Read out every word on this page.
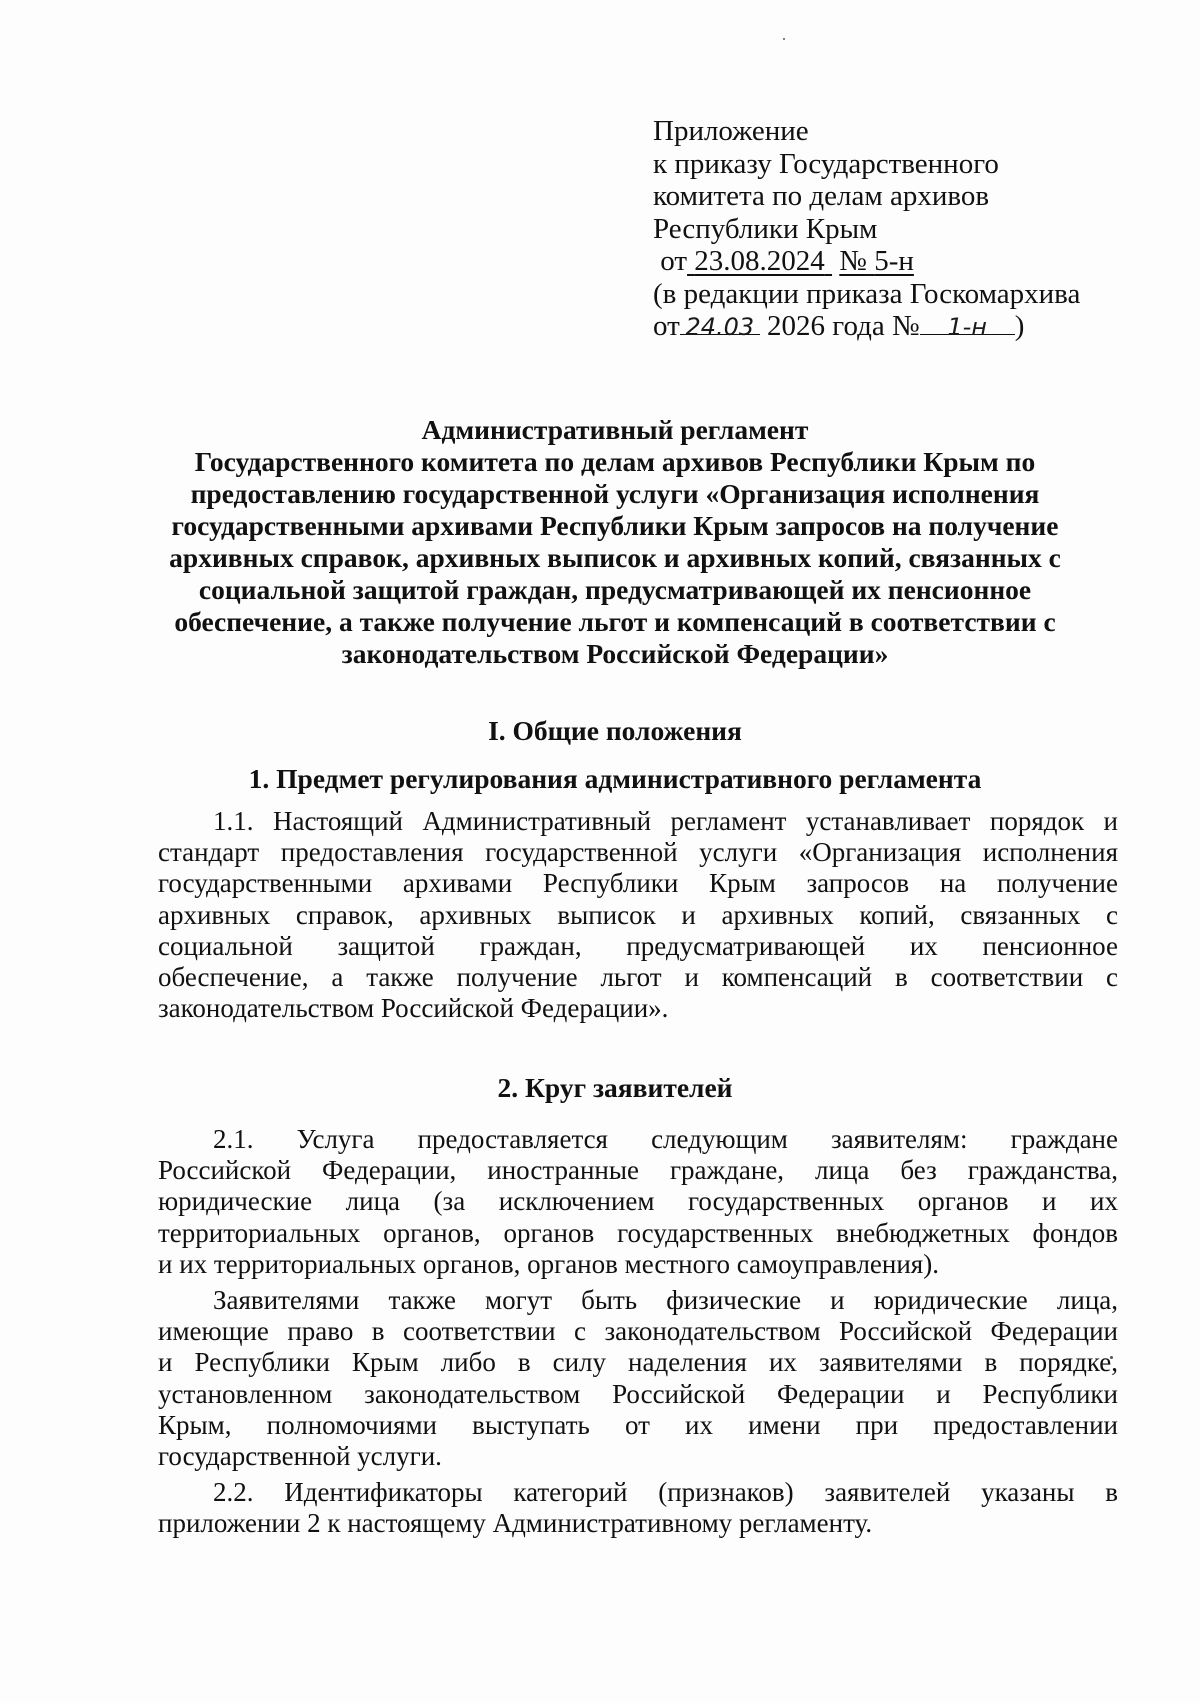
Приложение
к приказу Государственного
комитета по делам архивов
Республики Крым
от 23.08.2024 № 5-н
(в редакции приказа Госкомархива
от 24.03 2026 года № 1-н )
Административный регламент
Государственного комитета по делам архивов Республики Крым по
предоставлению государственной услуги «Организация исполнения
государственными архивами Республики Крым запросов на получение
архивных справок, архивных выписок и архивных копий, связанных с
социальной защитой граждан, предусматривающей их пенсионное
обеспечение, а также получение льгот и компенсаций в соответствии с
законодательством Российской Федерации»
I. Общие положения
1. Предмет регулирования административного регламента
1.1. Настоящий Административный регламент устанавливает порядок и
стандарт предоставления государственной услуги «Организация исполнения
государственными архивами Республики Крым запросов на получение
архивных справок, архивных выписок и архивных копий, связанных с
социальной защитой граждан, предусматривающей их пенсионное
обеспечение, а также получение льгот и компенсаций в соответствии с
законодательством Российской Федерации».
2. Круг заявителей
2.1. Услуга предоставляется следующим заявителям: граждане
Российской Федерации, иностранные граждане, лица без гражданства,
юридические лица (за исключением государственных органов и их
территориальных органов, органов государственных внебюджетных фондов
и их территориальных органов, органов местного самоуправления).
Заявителями также могут быть физические и юридические лица,
имеющие право в соответствии с законодательством Российской Федерации
и Республики Крым либо в силу наделения их заявителями в порядке,
установленном законодательством Российской Федерации и Республики
Крым, полномочиями выступать от их имени при предоставлении
государственной услуги.
2.2. Идентификаторы категорий (признаков) заявителей указаны в
приложении 2 к настоящему Административному регламенту.
